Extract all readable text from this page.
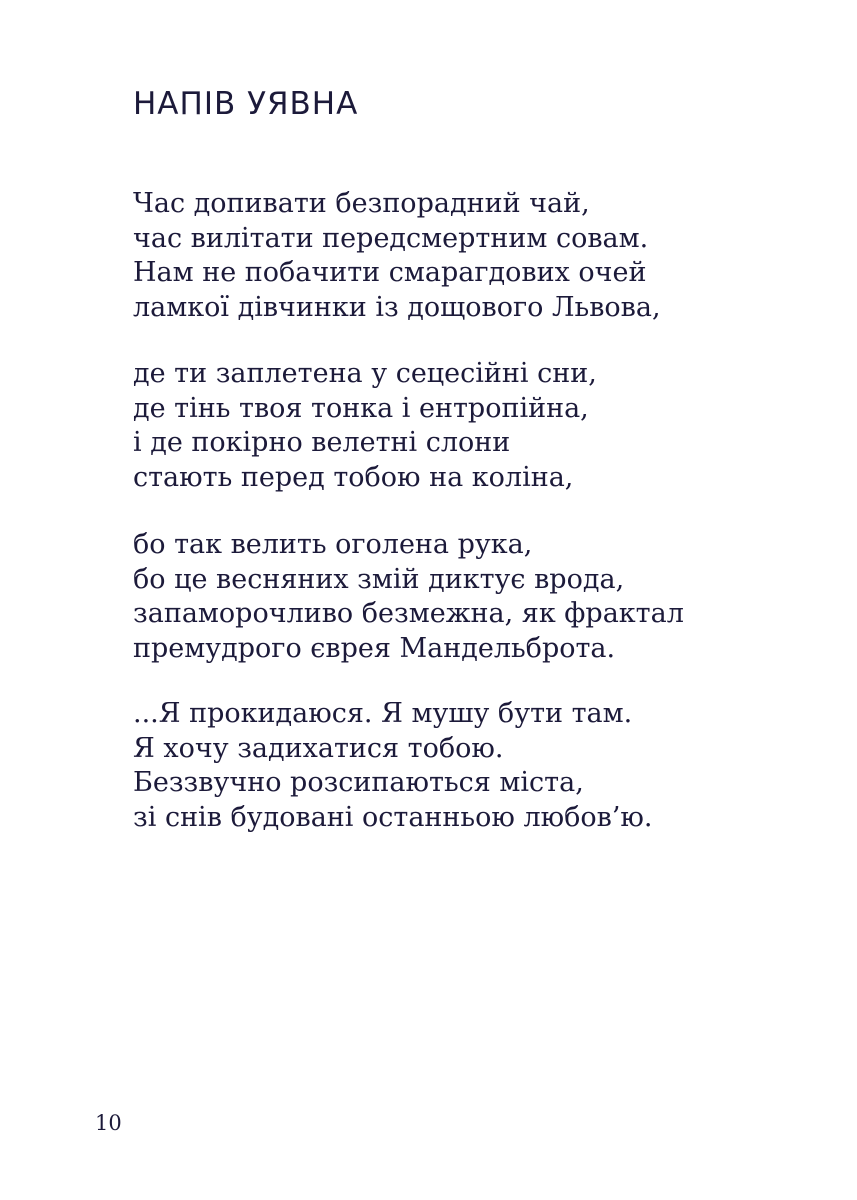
НАПІВ УЯВНА

Час допивати безпорадний чай,
час вилітати передсмертним совам.
Нам не побачити смарагдових очей
ламкої дівчинки із дощового Львова,

де ти заплетена у сецесійні сни,
де тінь твоя тонка і ентропійна,
і де покірно велетні слони
стають перед тобою на коліна,

бо так велить оголена рука,
бо це весняних змій диктує врода,
запаморочливо безмежна, як фрактал
премудрого єврея Мандельброта.

...Я прокидаюся. Я мушу бути там.
Я хочу задихатися тобою.
Беззвучно розсипаються міста,
зі снів будовані останньою любов’ю.

10
